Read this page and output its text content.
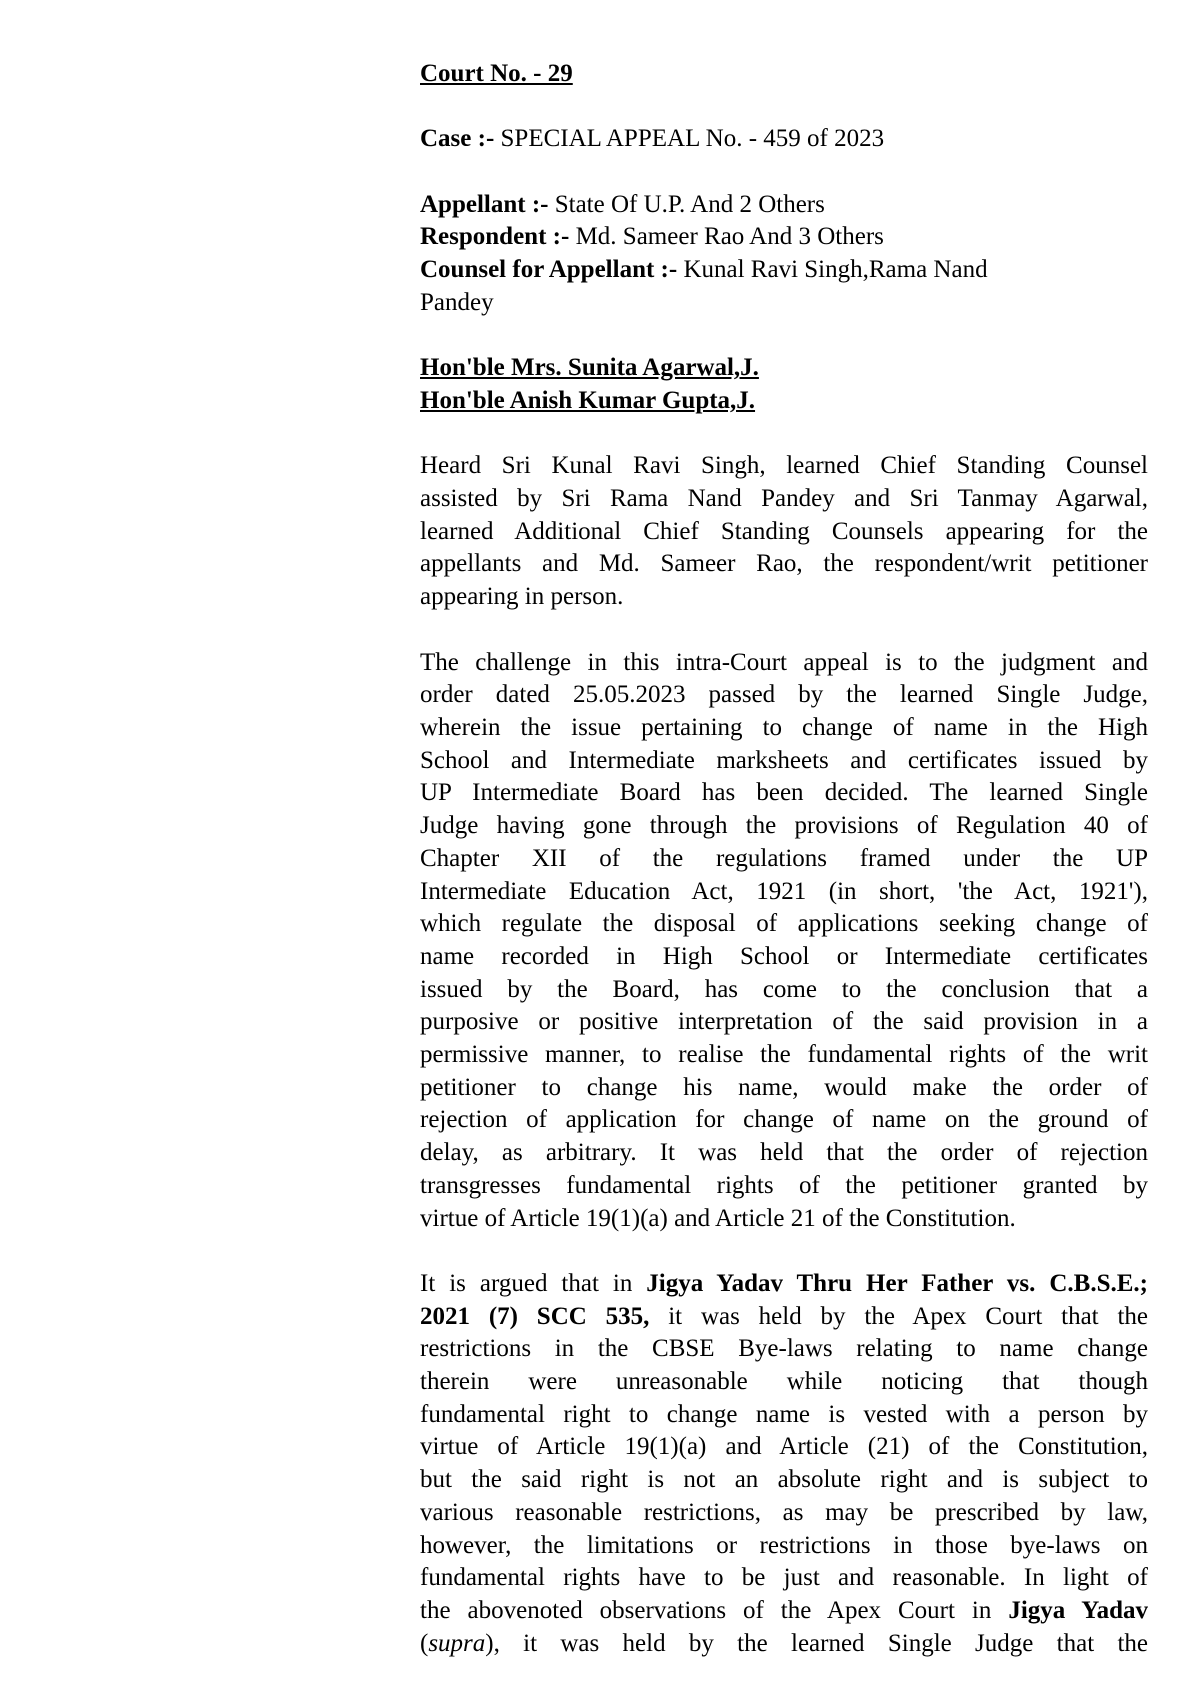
Court No. - 29

Case :- SPECIAL APPEAL No. - 459 of 2023

Appellant :- State Of U.P. And 2 Others

Respondent :- Md. Sameer Rao And 3 Others

Counsel for Appellant :- Kunal Ravi Singh,Rama Nand

Pandey

Hon'ble Mrs. Sunita Agarwal,J.

Hon'ble Anish Kumar Gupta,J.

Heard Sri Kunal Ravi Singh, learned Chief Standing Counsel
assisted by Sri Rama Nand Pandey and Sri Tanmay Agarwal,
learned Additional Chief Standing Counsels appearing for the
appellants and Md. Sameer Rao, the respondent/writ petitioner
appearing in person.
The challenge in this intra-Court appeal is to the judgment and
order dated 25.05.2023 passed by the learned Single Judge,
wherein the issue pertaining to change of name in the High
School and Intermediate marksheets and certificates issued by
UP Intermediate Board has been decided. The learned Single
Judge having gone through the provisions of Regulation 40 of
Chapter XII of the regulations framed under the UP
Intermediate Education Act, 1921 (in short, 'the Act, 1921'),
which regulate the disposal of applications seeking change of
name recorded in High School or Intermediate certificates
issued by the Board, has come to the conclusion that a
purposive or positive interpretation of the said provision in a
permissive manner, to realise the fundamental rights of the writ
petitioner to change his name, would make the order of
rejection of application for change of name on the ground of
delay, as arbitrary. It was held that the order of rejection
transgresses fundamental rights of the petitioner granted by
virtue of Article 19(1)(a) and Article 21 of the Constitution.
It is argued that in Jigya Yadav Thru Her Father vs. C.B.S.E.;
2021 (7) SCC 535, it was held by the Apex Court that the
restrictions in the CBSE Bye-laws relating to name change
therein were unreasonable while noticing that though
fundamental right to change name is vested with a person by
virtue of Article 19(1)(a) and Article (21) of the Constitution,
but the said right is not an absolute right and is subject to
various reasonable restrictions, as may be prescribed by law,
however, the limitations or restrictions in those bye-laws on
fundamental rights have to be just and reasonable. In light of
the abovenoted observations of the Apex Court in Jigya Yadav
(supra), it was held by the learned Single Judge that the
